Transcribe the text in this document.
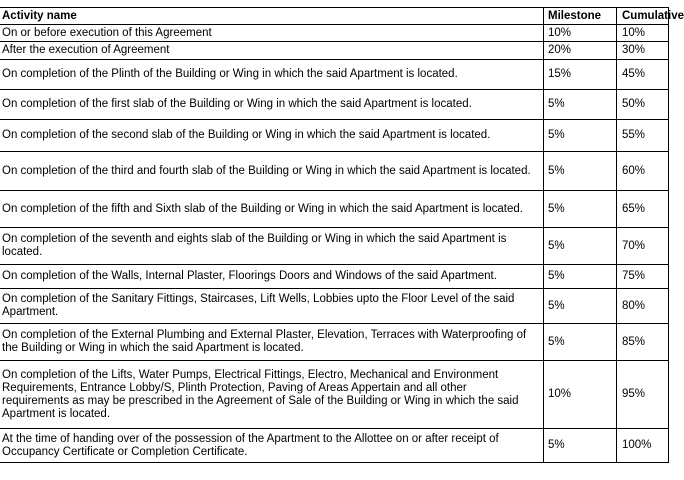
Activity name	Milestone	Cumulative
On or before execution of this Agreement	10%	10%
After the execution of Agreement	20%	30%
On completion of the Plinth of the Building or Wing in which the said Apartment is located.	15%	45%
On completion of the first slab of the Building or Wing in which the said Apartment is located.	5%	50%
On completion of the second slab of the Building or Wing in which the said Apartment is located.	5%	55%
On completion of the third and fourth slab of the Building or Wing in which the said Apartment is located.	5%	60%
On completion of the fifth and Sixth slab of the Building or Wing in which the said Apartment is located.	5%	65%
On completion of the seventh and eights slab of the Building or Wing in which the said Apartment is located.	5%	70%
On completion of the Walls, Internal Plaster, Floorings Doors and Windows of the said Apartment.	5%	75%
On completion of the Sanitary Fittings, Staircases, Lift Wells, Lobbies upto the Floor Level of the said Apartment.	5%	80%
On completion of the External Plumbing and External Plaster, Elevation, Terraces with Waterproofing of the Building or Wing in which the said Apartment is located.	5%	85%
On completion of the Lifts, Water Pumps, Electrical Fittings, Electro, Mechanical and Environment Requirements, Entrance Lobby/S, Plinth Protection, Paving of Areas Appertain and all other requirements as may be prescribed in the Agreement of Sale of the Building or Wing in which the said Apartment is located.	10%	95%
At the time of handing over of the possession of the Apartment to the Allottee on or after receipt of Occupancy Certificate or Completion Certificate.	5%	100%
